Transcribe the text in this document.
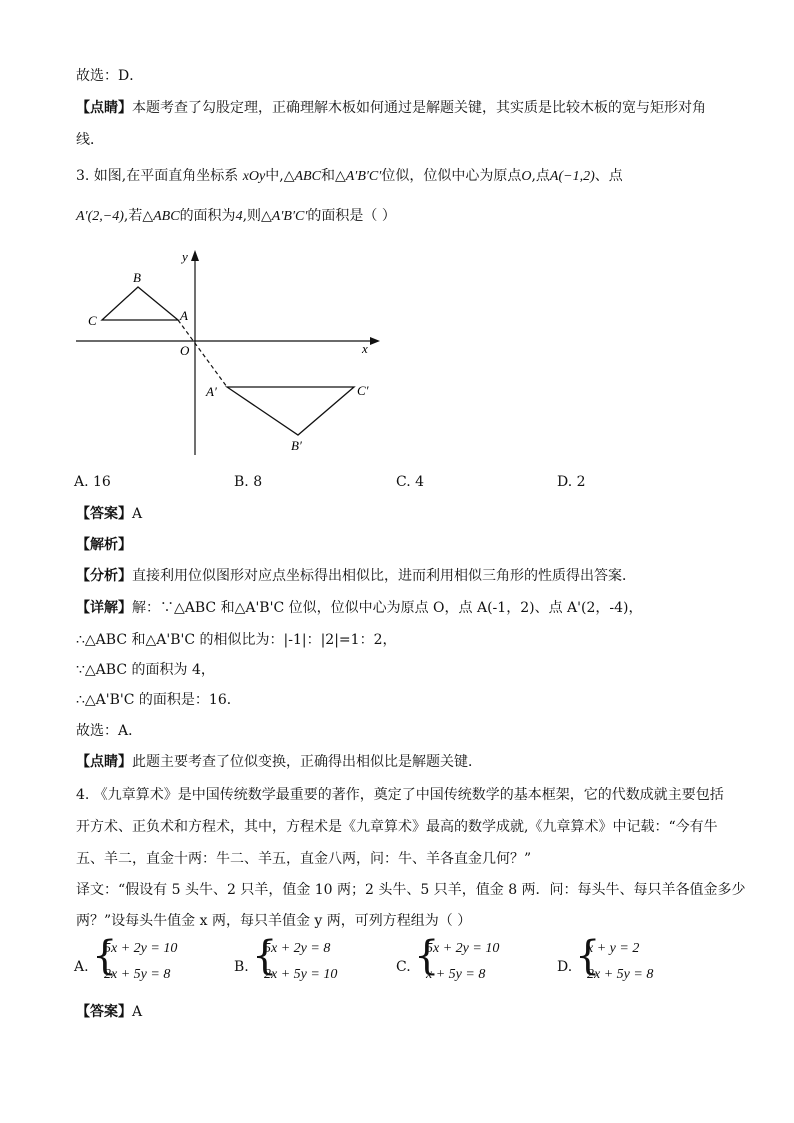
故选：D．
【点睛】本题考查了勾股定理，正确理解木板如何通过是解题关键，其实质是比较木板的宽与矩形对角
线．
3. 如图,在平面直角坐标系 xOy中,△ABC和△A′B′C′位似，位似中心为原点O,点A(−1,2)、点
A′(2,−4),若△ABC的面积为4,则△A′B′C′的面积是（ ）
y
x
O
A
B
C
A′
B′
C′
A. 16	B. 8	C. 4	D. 2
【答案】A
【解析】
【分析】直接利用位似图形对应点坐标得出相似比，进而利用相似三角形的性质得出答案．
【详解】解：∵△ABC 和△A'B'C 位似，位似中心为原点 O，点 A(-1，2)、点 A'(2，-4)，
∴△ABC 和△A'B'C 的相似比为：|-1|：|2|=1：2，
∵△ABC 的面积为 4，
∴△A'B'C 的面积是：16．
故选：A．
【点睛】此题主要考查了位似变换，正确得出相似比是解题关键．
4. 《九章算术》是中国传统数学最重要的著作，奠定了中国传统数学的基本框架，它的代数成就主要包括
开方术、正负术和方程术，其中，方程术是《九章算术》最高的数学成就,《九章算术》中记载：“今有牛
五、羊二，直金十两：牛二、羊五，直金八两，问：牛、羊各直金几何？”
译文：“假设有 5 头牛、2 只羊，值金 10 两；2 头牛、5 只羊，值金 8 两．问：每头牛、每只羊各值金多少
两？”设每头牛值金 x 两，每只羊值金 y 两，可列方程组为（ ）
A. {
5x + 2y = 10
2x + 5y = 8	B. {
5x + 2y = 8
2x + 5y = 10	C. {
5x + 2y = 10
x + 5y = 8	D. {
x + y = 2
2x + 5y = 8
【答案】A
